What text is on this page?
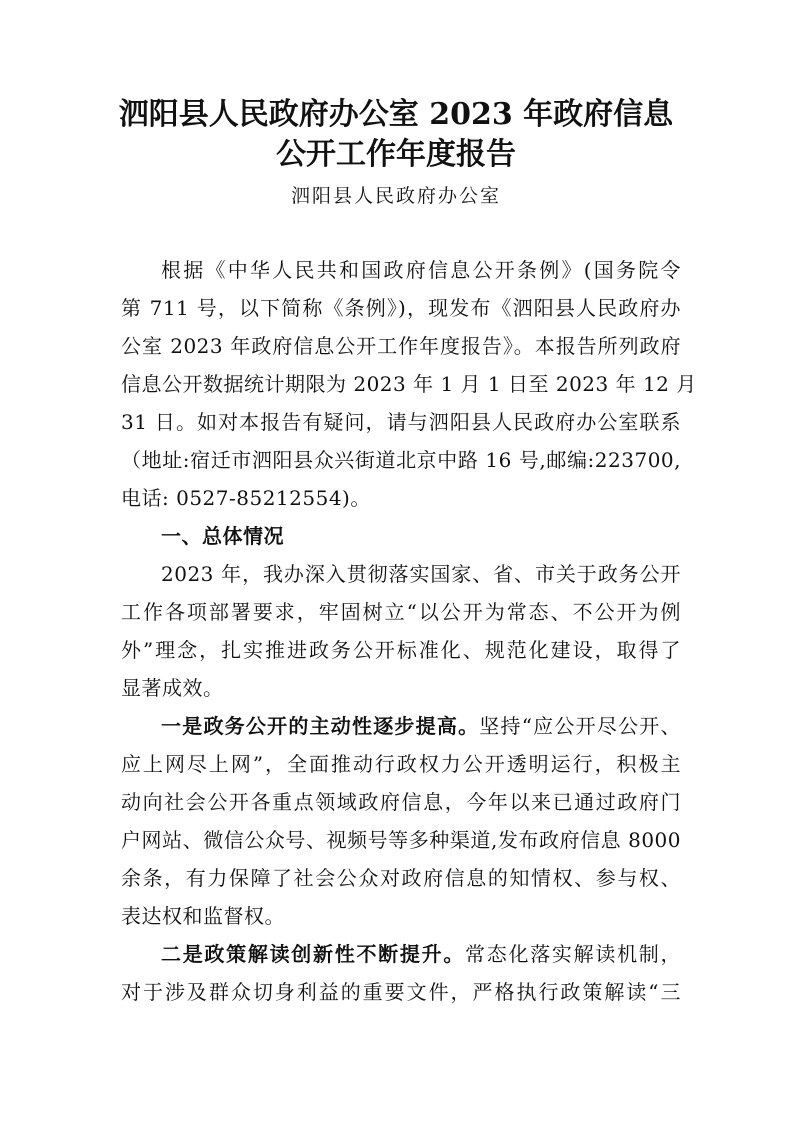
泗阳县人民政府办公室 2023 年政府信息
公开工作年度报告

泗阳县人民政府办公室

根据《中华人民共和国政府信息公开条例》(国务院令

第 711 号，以下简称《条例》)，现发布《泗阳县人民政府办

公室 2023 年政府信息公开工作年度报告》。本报告所列政府

信息公开数据统计期限为 2023 年 1 月 1 日至 2023 年 12 月

31 日。如对本报告有疑问，请与泗阳县人民政府办公室联系

（地址:宿迁市泗阳县众兴街道北京中路 16 号,邮编:223700,

电话: 0527-85212554)。

一、总体情况

2023 年，我办深入贯彻落实国家、省、市关于政务公开

工作各项部署要求，牢固树立“以公开为常态、不公开为例

外”理念，扎实推进政务公开标准化、规范化建设，取得了

显著成效。

一是政务公开的主动性逐步提高。坚持“应公开尽公开、

应上网尽上网”，全面推动行政权力公开透明运行，积极主

动向社会公开各重点领域政府信息，今年以来已通过政府门

户网站、微信公众号、视频号等多种渠道,发布政府信息 8000

余条，有力保障了社会公众对政府信息的知情权、参与权、

表达权和监督权。

二是政策解读创新性不断提升。常态化落实解读机制，

对于涉及群众切身利益的重要文件，严格执行政策解读“三
